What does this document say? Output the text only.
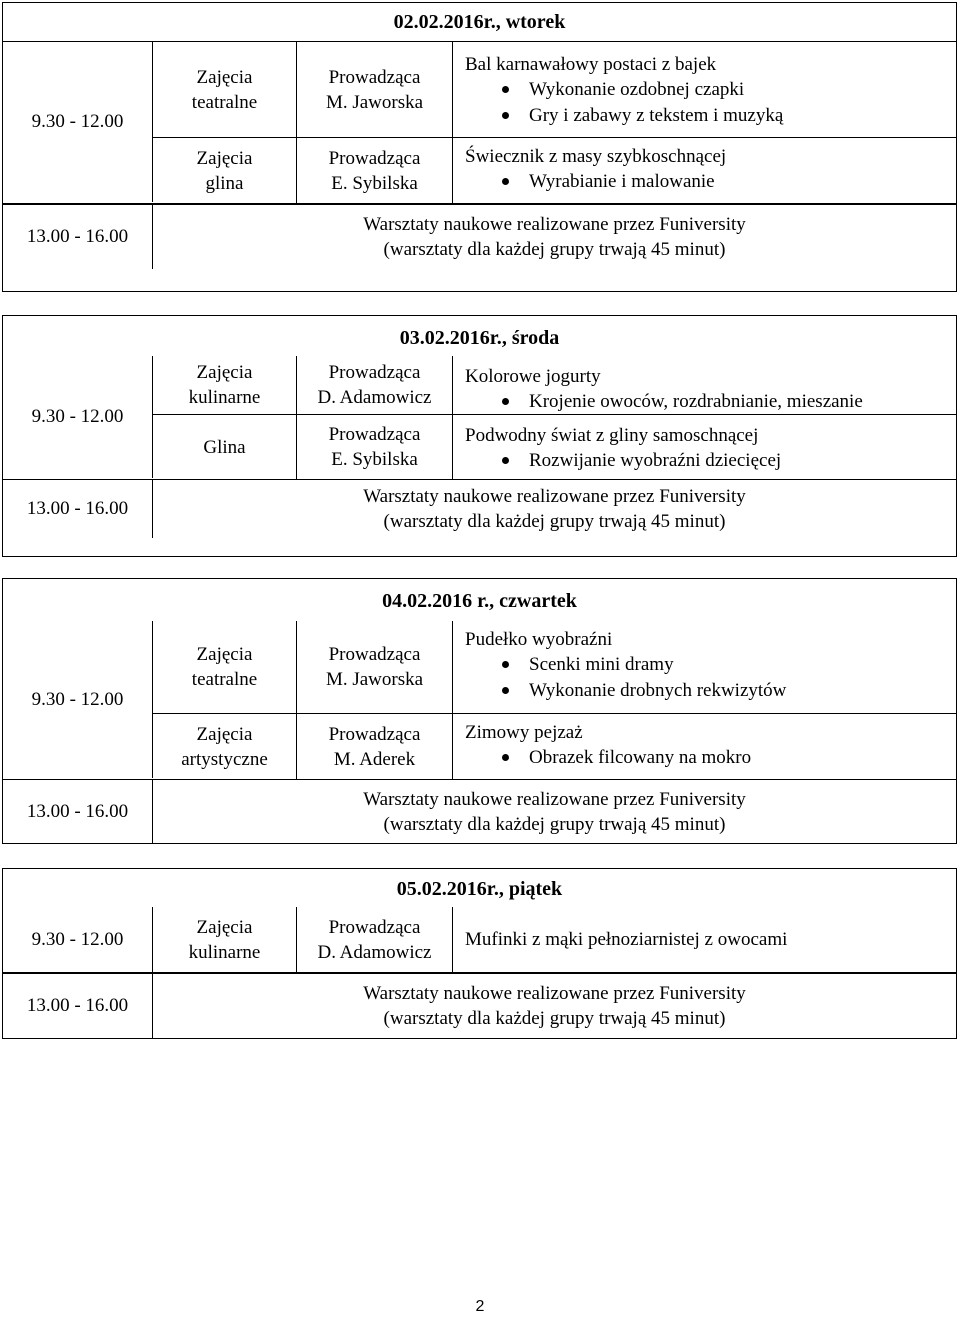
02.02.2016r., wtorek
Zajęcia
teatralne
Prowadząca
M. Jaworska
Bal karnawałowy postaci z bajek
Wykonanie ozdobnej czapki
Gry i zabawy z tekstem i muzyką
Zajęcia
glina
Prowadząca
E. Sybilska
Świecznik z masy szybkoschnącej
Wyrabianie i malowanie
9.30 - 12.00
13.00 - 16.00
Warsztaty naukowe realizowane przez Funiversity
(warsztaty dla każdej grupy trwają 45 minut)
03.02.2016r., środa
Zajęcia
kulinarne
Prowadząca
D. Adamowicz
Kolorowe jogurty
Krojenie owoców, rozdrabnianie, mieszanie
Glina
Prowadząca
E. Sybilska
Podwodny świat z gliny samoschnącej
Rozwijanie wyobraźni dziecięcej
9.30 - 12.00
13.00 - 16.00
Warsztaty naukowe realizowane przez Funiversity
(warsztaty dla każdej grupy trwają 45 minut)
04.02.2016 r., czwartek
Zajęcia
teatralne
Prowadząca
M. Jaworska
Pudełko wyobraźni
Scenki mini dramy
Wykonanie drobnych rekwizytów
Zajęcia
artystyczne
Prowadząca
M. Aderek
Zimowy pejzaż
Obrazek filcowany na mokro
9.30 - 12.00
13.00 - 16.00
Warsztaty naukowe realizowane przez Funiversity
(warsztaty dla każdej grupy trwają 45 minut)
05.02.2016r., piątek
9.30 - 12.00
Zajęcia
kulinarne
Prowadząca
D. Adamowicz
Mufinki z mąki pełnoziarnistej z owocami
13.00 - 16.00
Warsztaty naukowe realizowane przez Funiversity
(warsztaty dla każdej grupy trwają 45 minut)
2
